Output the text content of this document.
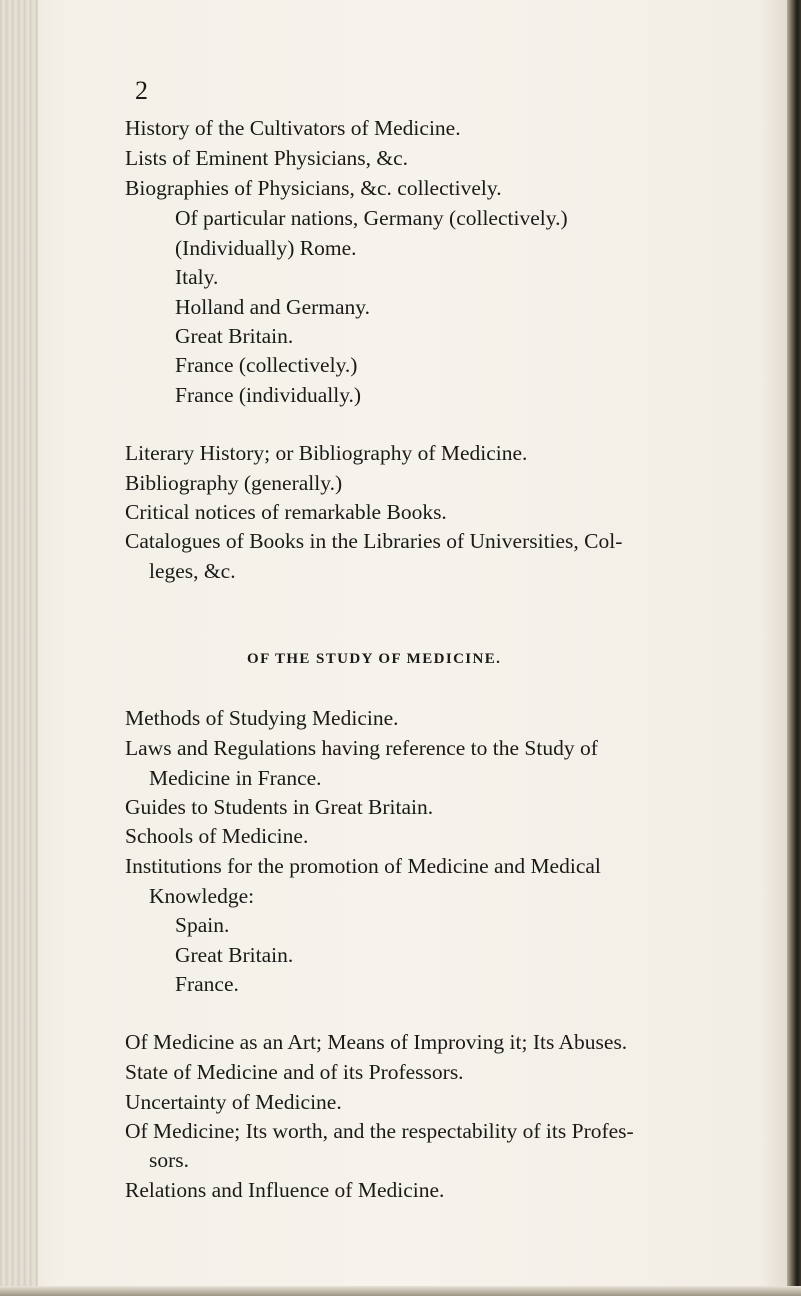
2
History of the Cultivators of Medicine.
Lists of Eminent Physicians, &c.
Biographies of Physicians, &c. collectively.
Of particular nations, Germany (collectively.)
(Individually) Rome.
Italy.
Holland and Germany.
Great Britain.
France (collectively.)
France (individually.)
Literary History; or Bibliography of Medicine.
Bibliography (generally.)
Critical notices of remarkable Books.
Catalogues of Books in the Libraries of Universities, Col-
leges, &c.
OF THE STUDY OF MEDICINE.
Methods of Studying Medicine.
Laws and Regulations having reference to the Study of
Medicine in France.
Guides to Students in Great Britain.
Schools of Medicine.
Institutions for the promotion of Medicine and Medical
Knowledge:
Spain.
Great Britain.
France.
Of Medicine as an Art; Means of Improving it; Its Abuses.
State of Medicine and of its Professors.
Uncertainty of Medicine.
Of Medicine; Its worth, and the respectability of its Profes-
sors.
Relations and Influence of Medicine.
